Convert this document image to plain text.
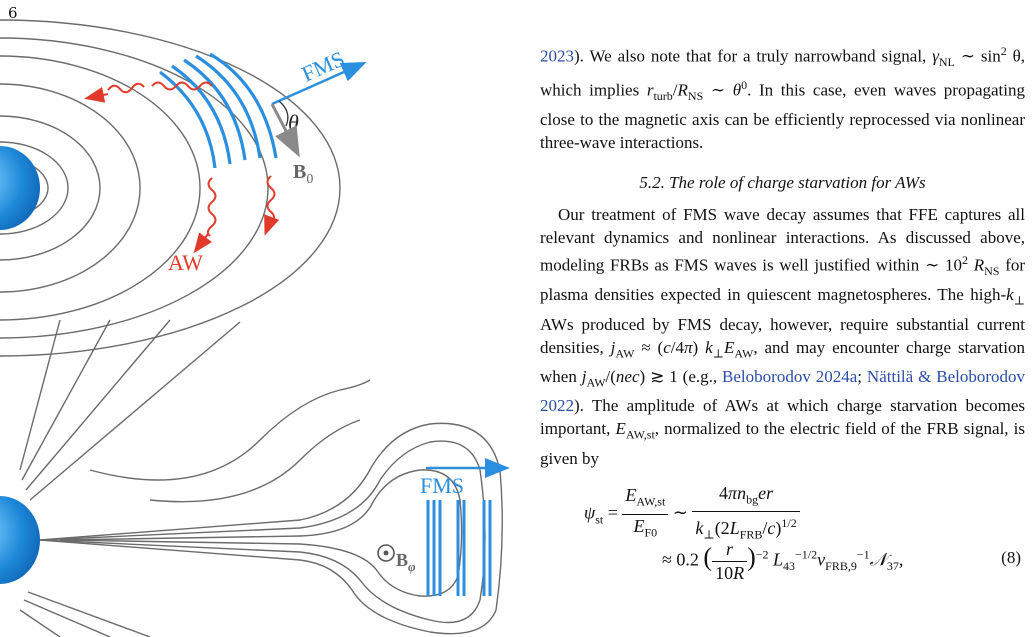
6
FMS
θ
$B_0$
AW
FMS
$B_\varphi$

2023). We also note that for a truly narrowband signal, $\gamma_{NL}$ ∼ $\sin^2 \theta$, which implies $r_{turb}/R_{NS}$ ∼ $\theta^0$. In this case, even waves propagating close to the magnetic axis can be efficiently reprocessed via nonlinear three-wave interactions.

5.2. The role of charge starvation for AWs

Our treatment of FMS wave decay assumes that FFE captures all relevant dynamics and nonlinear interactions. As discussed above, modeling FRBs as FMS waves is well justified within ∼ $10^2$ $R_{NS}$ for plasma densities expected in quiescent magnetospheres. The high-$k_\perp$ AWs produced by FMS decay, however, require substantial current densities, $j_{AW} \approx (c/4\pi)$ $k_\perp E_{AW}$, and may encounter charge starvation when $j_{AW}/(nec)$ ≳ 1 (e.g., Beloborodov 2024a; Nättilä & Beloborodov 2022). The amplitude of AWs at which charge starvation becomes important, $E_{AW,st}$, normalized to the electric field of the FRB signal, is given by

$\psi_{st} = \frac{E_{AW,st}}{E_{F0}}$ ∼ $\frac{4\pi n_{bg}er}{k_\perp(2L_{FRB}/c)^{1/2}}$
≈ 0.2 ( $\frac{r}{10R} )^{-2}$ $L_{43}^{-1/2}\nu_{FRB,9}^{-1}𝒩_{37}$,	(8)
